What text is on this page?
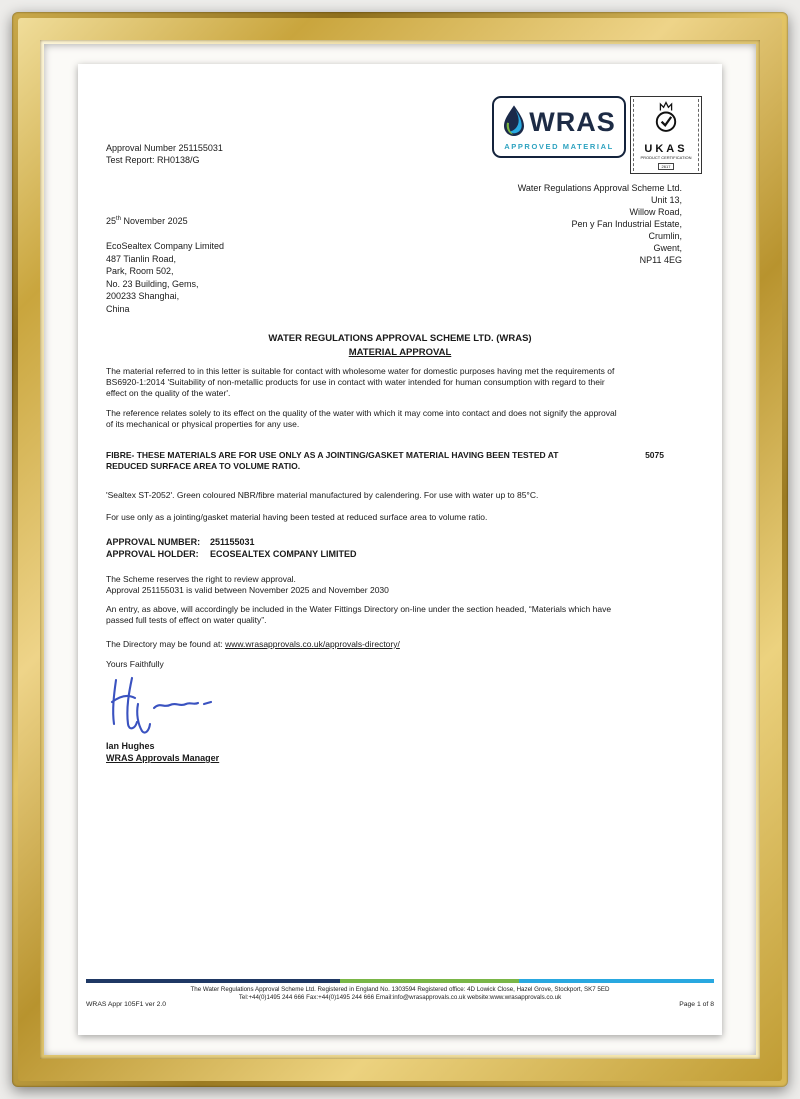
Approval Number 251155031
Test Report: RH0138/G
WRAS
APPROVED MATERIAL	UKAS
PRODUCT CERTIFICATION
2617
Water Regulations Approval Scheme Ltd.
Unit 13,
Willow Road,
Pen y Fan Industrial Estate,
Crumlin,
Gwent,
NP11 4EG
25th November 2025
EcoSealtex Company Limited
487 Tianlin Road,
Park, Room 502,
No. 23 Building, Gems,
200233 Shanghai,
China
WATER REGULATIONS APPROVAL SCHEME LTD. (WRAS)
MATERIAL APPROVAL
The material referred to in this letter is suitable for contact with wholesome water for domestic purposes having met the requirements of
BS6920-1:2014 'Suitability of non-metallic products for use in contact with water intended for human consumption with regard to their
effect on the quality of the water'.
The reference relates solely to its effect on the quality of the water with which it may come into contact and does not signify the approval
of its mechanical or physical properties for any use.
FIBRE- THESE MATERIALS ARE FOR USE ONLY AS A JOINTING/GASKET MATERIAL HAVING BEEN TESTED AT	5075
REDUCED SURFACE AREA TO VOLUME RATIO.
'Sealtex ST-2052'. Green coloured NBR/fibre material manufactured by calendering. For use with water up to 85°C.
For use only as a jointing/gasket material having been tested at reduced surface area to volume ratio.
APPROVAL NUMBER:	251155031
APPROVAL HOLDER:	ECOSEALTEX COMPANY LIMITED
The Scheme reserves the right to review approval.
Approval 251155031 is valid between November 2025 and November 2030
An entry, as above, will accordingly be included in the Water Fittings Directory on-line under the section headed, “Materials which have
passed full tests of effect on water quality”.
The Directory may be found at: www.wrasapprovals.co.uk/approvals-directory/
Yours Faithfully
Ian Hughes
WRAS Approvals Manager
The Water Regulations Approval Scheme Ltd. Registered in England No. 1303594 Registered office: 4D Lowick Close, Hazel Grove, Stockport, SK7 5ED
Tel:+44(0)1495 244 666 Fax:+44(0)1495 244 666 Email:info@wrasapprovals.co.uk website:www.wrasapprovals.co.uk
WRAS Appr 105F1 ver 2.0	Page 1 of 8
